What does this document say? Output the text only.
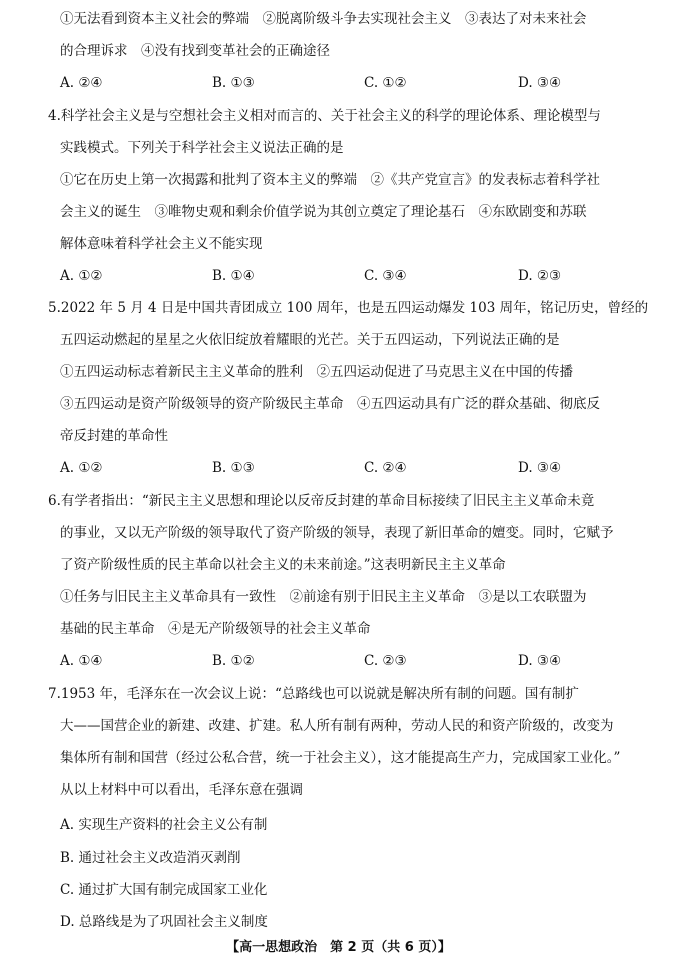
①无法看到资本主义社会的弊端　②脱离阶级斗争去实现社会主义　③表达了对未来社会
的合理诉求　④没有找到变革社会的正确途径
A. ②④	B. ①③	C. ①②	D. ③④
4.科学社会主义是与空想社会主义相对而言的、关于社会主义的科学的理论体系、理论模型与
实践模式。下列关于科学社会主义说法正确的是
①它在历史上第一次揭露和批判了资本主义的弊端　②《共产党宣言》的发表标志着科学社
会主义的诞生　③唯物史观和剩余价值学说为其创立奠定了理论基石　④东欧剧变和苏联
解体意味着科学社会主义不能实现
A. ①②	B. ①④	C. ③④	D. ②③
5.2022 年 5 月 4 日是中国共青团成立 100 周年，也是五四运动爆发 103 周年，铭记历史，曾经的
五四运动燃起的星星之火依旧绽放着耀眼的光芒。关于五四运动，下列说法正确的是
①五四运动标志着新民主主义革命的胜利　②五四运动促进了马克思主义在中国的传播
③五四运动是资产阶级领导的资产阶级民主革命　④五四运动具有广泛的群众基础、彻底反
帝反封建的革命性
A. ①②	B. ①③	C. ②④	D. ③④
6.有学者指出：“新民主主义思想和理论以反帝反封建的革命目标接续了旧民主主义革命未竟
的事业，又以无产阶级的领导取代了资产阶级的领导，表现了新旧革命的嬗变。同时，它赋予
了资产阶级性质的民主革命以社会主义的未来前途。”这表明新民主主义革命
①任务与旧民主主义革命具有一致性　②前途有别于旧民主主义革命　③是以工农联盟为
基础的民主革命　④是无产阶级领导的社会主义革命
A. ①④	B. ①②	C. ②③	D. ③④
7.1953 年，毛泽东在一次会议上说：“总路线也可以说就是解决所有制的问题。国有制扩
大——国营企业的新建、改建、扩建。私人所有制有两种，劳动人民的和资产阶级的，改变为
集体所有制和国营（经过公私合营，统一于社会主义），这才能提高生产力，完成国家工业化。”
从以上材料中可以看出，毛泽东意在强调
A. 实现生产资料的社会主义公有制
B. 通过社会主义改造消灭剥削
C. 通过扩大国有制完成国家工业化
D. 总路线是为了巩固社会主义制度
【高一思想政治　第 2 页（共 6 页）】
